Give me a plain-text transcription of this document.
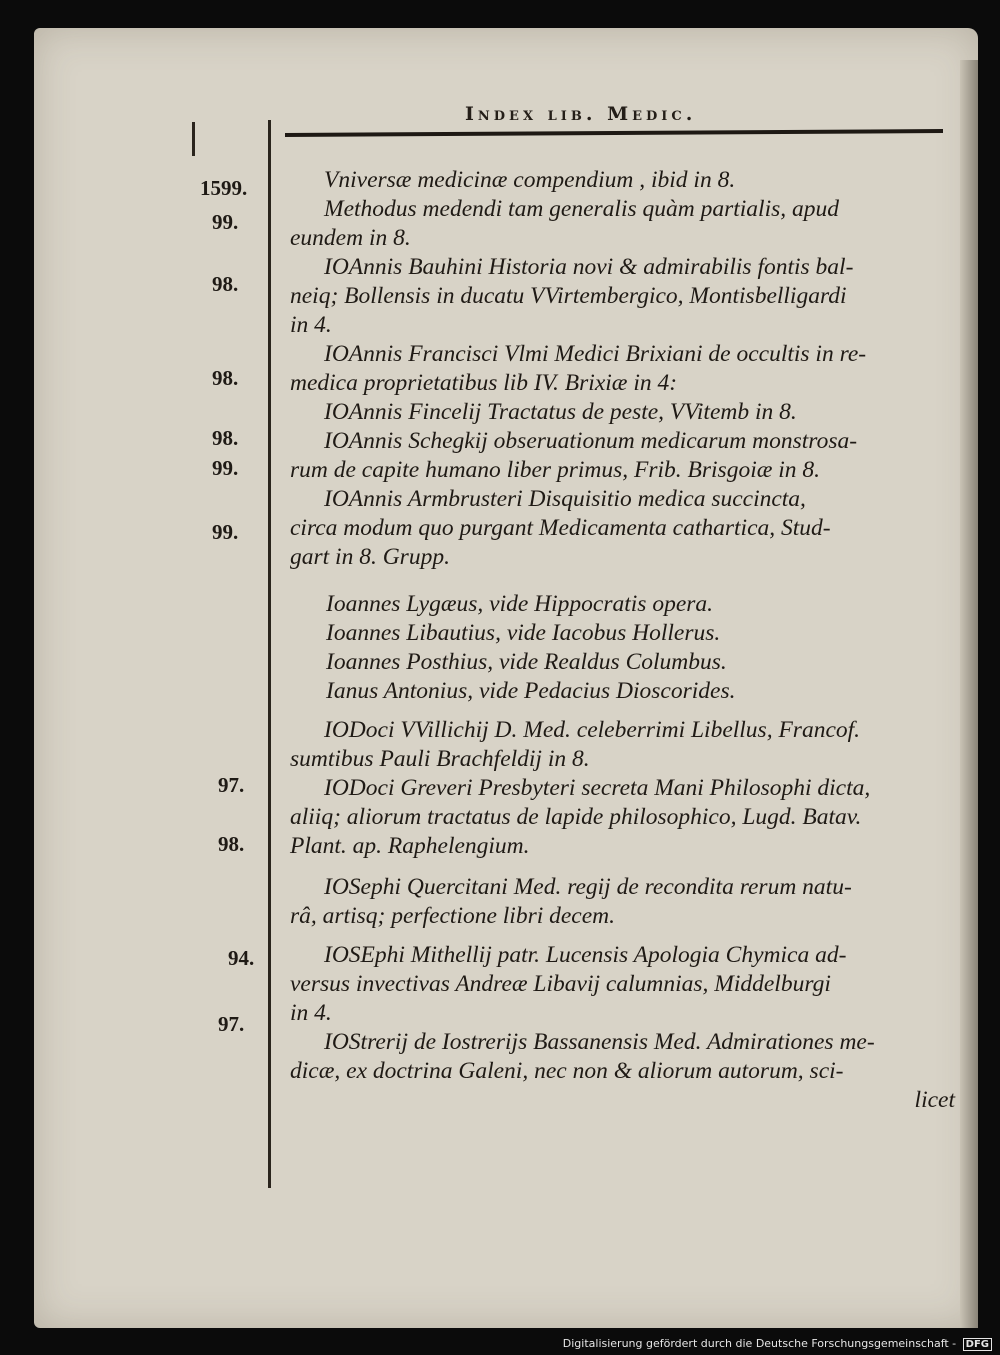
Index lib. Medic.
1599.
99.
98.
98.
98.
99.
99.
97.
98.
94.
97.
Vniversæ medicinæ compendium , ibid in 8.
Methodus medendi tam generalis quàm partialis, apud
eundem in 8.
IOAnnis Bauhini Historia novi & admirabilis fontis bal-
neiq; Bollensis in ducatu VVirtembergico, Montisbelligardi
in 4.
IOAnnis Francisci Vlmi Medici Brixiani de occultis in re-
medica proprietatibus lib IV. Brixiæ in 4:
IOAnnis Fincelij Tractatus de peste, VVitemb in 8.
IOAnnis Schegkij obseruationum medicarum monstrosa-
rum de capite humano liber primus, Frib. Brisgoiæ in 8.
IOAnnis Armbrusteri Disquisitio medica succincta,
circa modum quo purgant Medicamenta cathartica, Stud-
gart in 8. Grupp.
Ioannes Lygæus, vide Hippocratis opera.
Ioannes Libautius, vide Iacobus Hollerus.
Ioannes Posthius, vide Realdus Columbus.
Ianus Antonius, vide Pedacius Dioscorides.
IODoci VVillichij D. Med. celeberrimi Libellus, Francof.
sumtibus Pauli Brachfeldij in 8.
IODoci Greveri Presbyteri secreta Mani Philosophi dicta,
aliiq; aliorum tractatus de lapide philosophico, Lugd. Batav.
Plant. ap. Raphelengium.
IOSephi Quercitani Med. regij de recondita rerum natu-
râ, artisq; perfectione libri decem.
IOSEphi Mithellij patr. Lucensis Apologia Chymica ad-
versus invectivas Andreæ Libavij calumnias, Middelburgi
in 4.
IOStrerij de Iostrerijs Bassanensis Med. Admirationes me-
dicæ, ex doctrina Galeni, nec non & aliorum autorum, sci-
licet
Digitalisierung gefördert durch die Deutsche Forschungsgemeinschaft - DFG
